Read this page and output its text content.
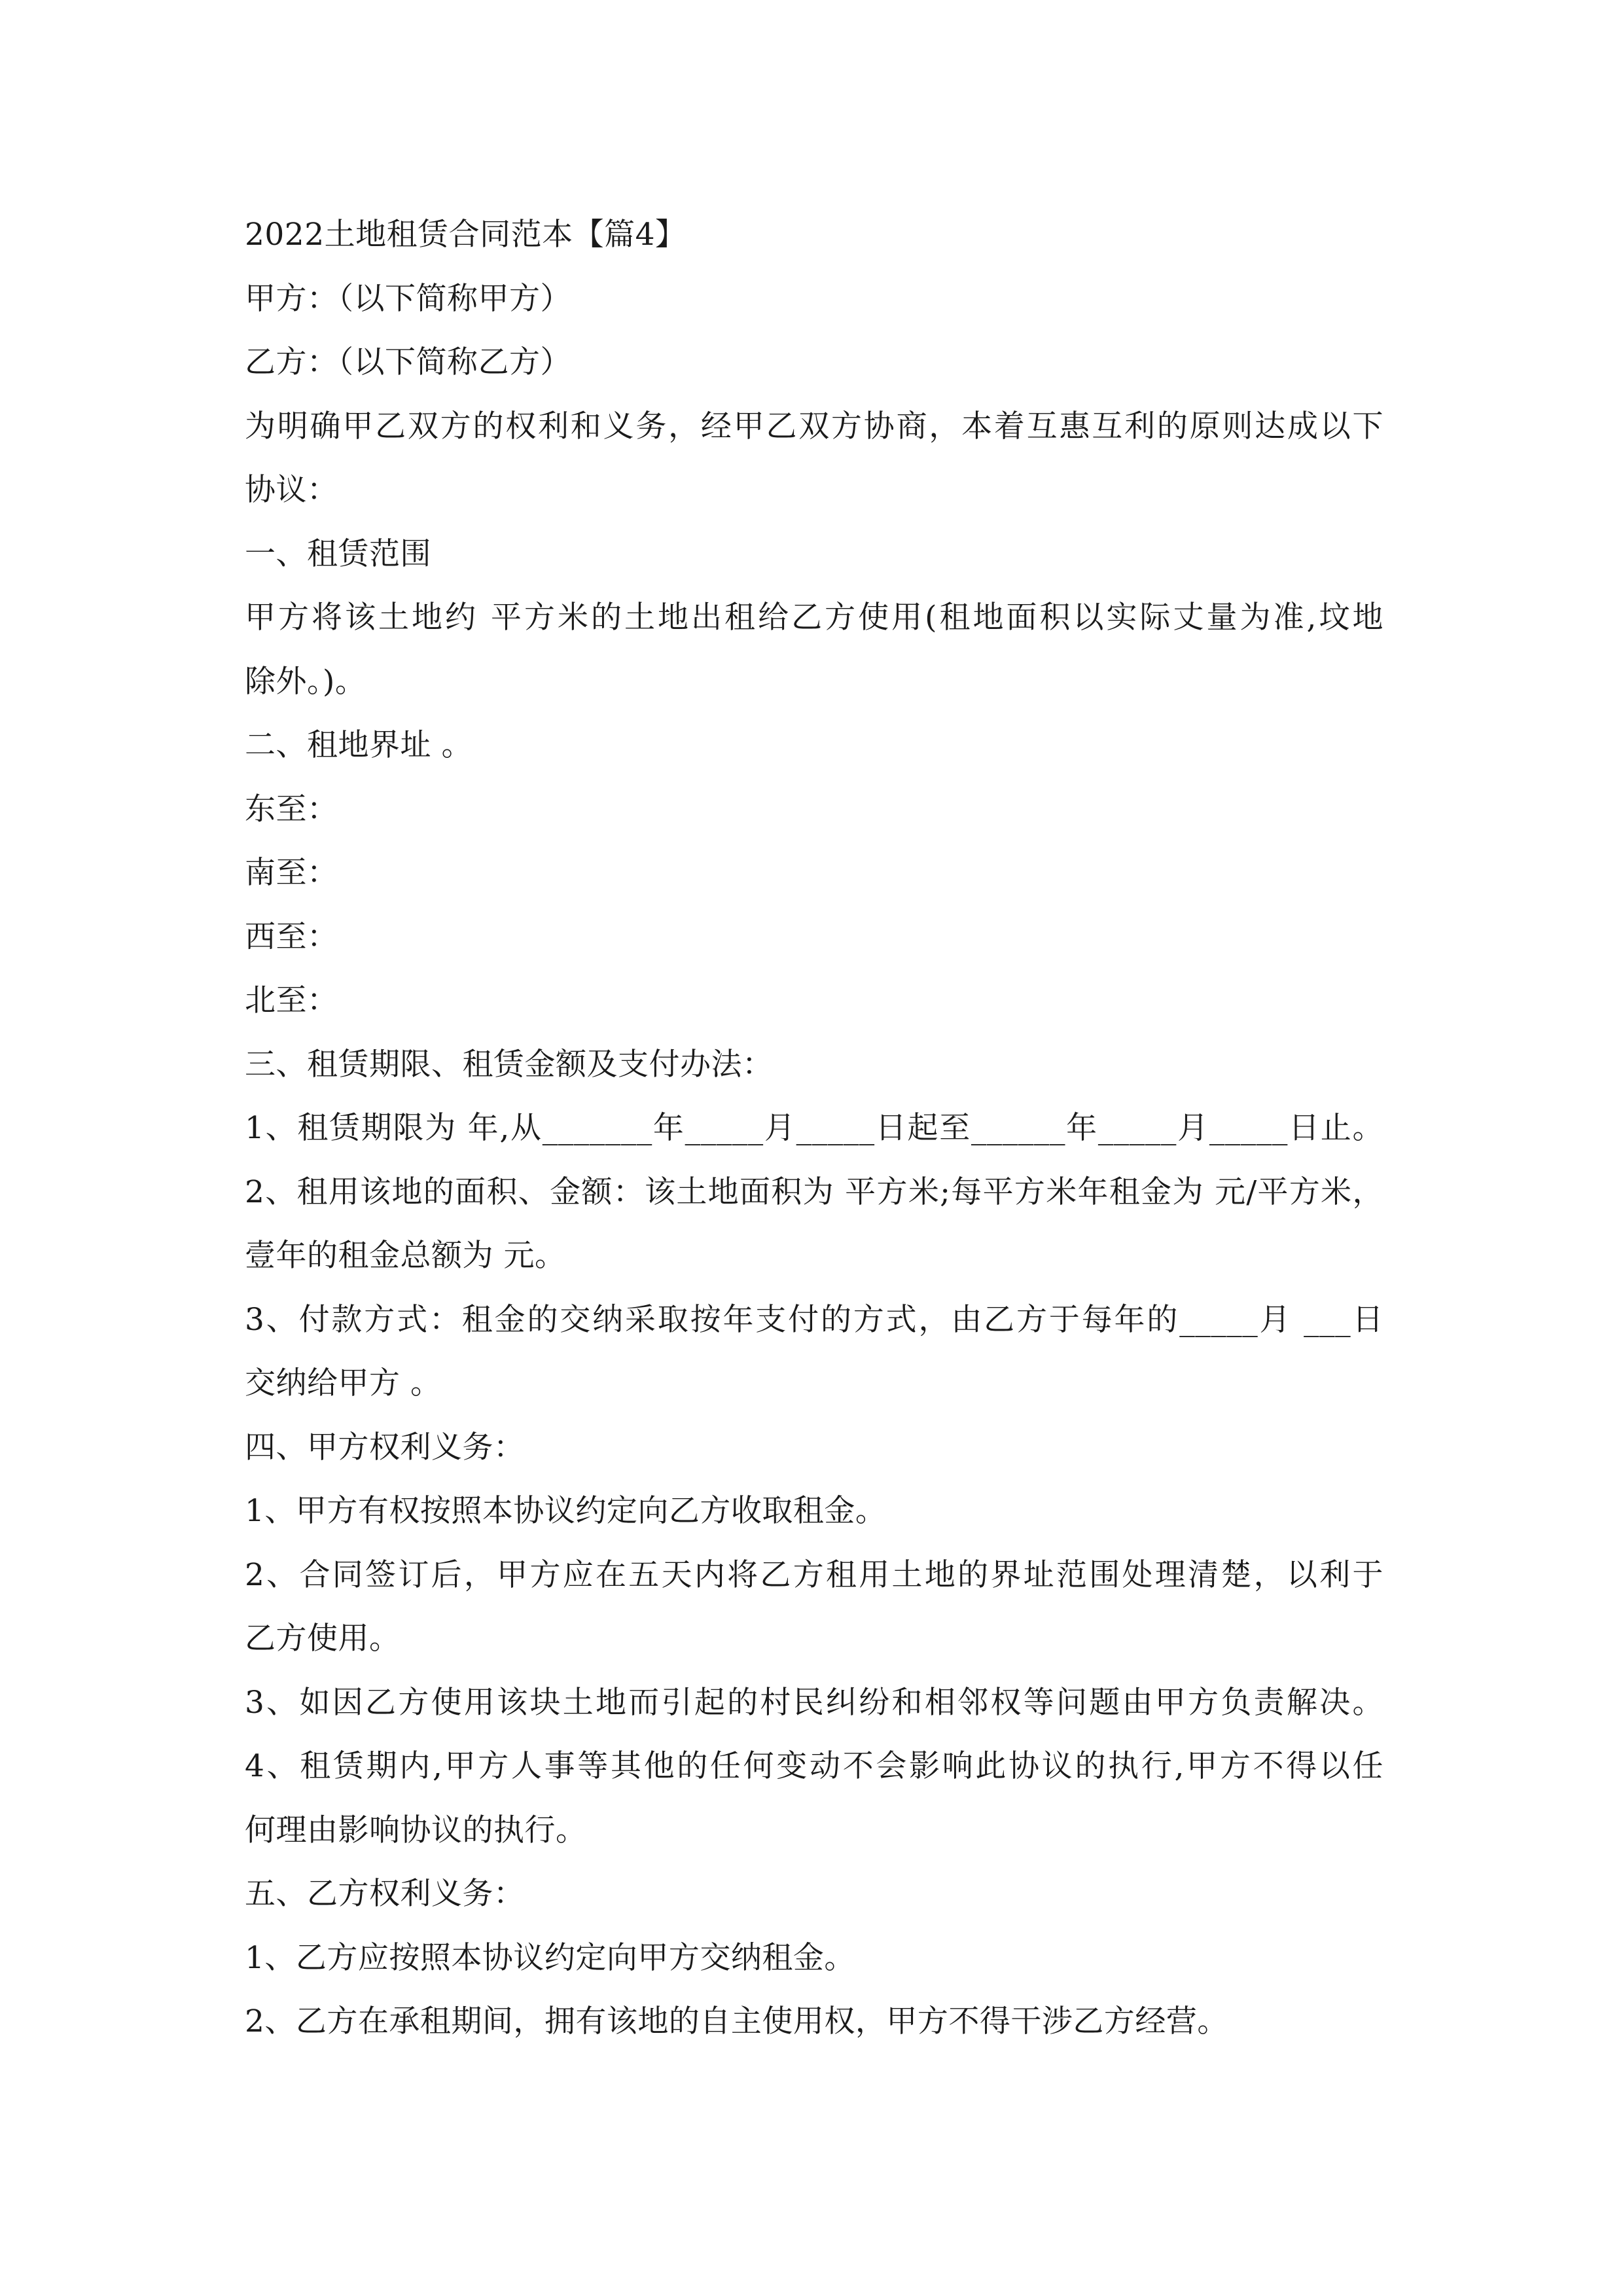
2022土地租赁合同范本【篇4】

甲方：（以下简称甲方）

乙方：（以下简称乙方）

为明确甲乙双方的权利和义务，经甲乙双方协商，本着互惠互利的原则达成以下

协议：

一、租赁范围

甲方将该土地约 平方米的土地出租给乙方使用(租地面积以实际丈量为准,坟地

除外。)。

二、租地界址 。

东至：

南至：

西至：

北至：

三、租赁期限、租赁金额及支付办法：

1、租赁期限为 年,从_______年_____月_____日起至______年_____月_____日止。

2、租用该地的面积、金额：该土地面积为 平方米;每平方米年租金为 元/平方米，

壹年的租金总额为 元。

3、付款方式：租金的交纳采取按年支付的方式，由乙方于每年的_____月 ___日

交纳给甲方 。

四、甲方权利义务：

1、甲方有权按照本协议约定向乙方收取租金。

2、合同签订后，甲方应在五天内将乙方租用土地的界址范围处理清楚，以利于

乙方使用。

3、如因乙方使用该块土地而引起的村民纠纷和相邻权等问题由甲方负责解决。

4、租赁期内,甲方人事等其他的任何变动不会影响此协议的执行,甲方不得以任

何理由影响协议的执行。

五、乙方权利义务：

1、乙方应按照本协议约定向甲方交纳租金。

2、乙方在承租期间，拥有该地的自主使用权，甲方不得干涉乙方经营。
